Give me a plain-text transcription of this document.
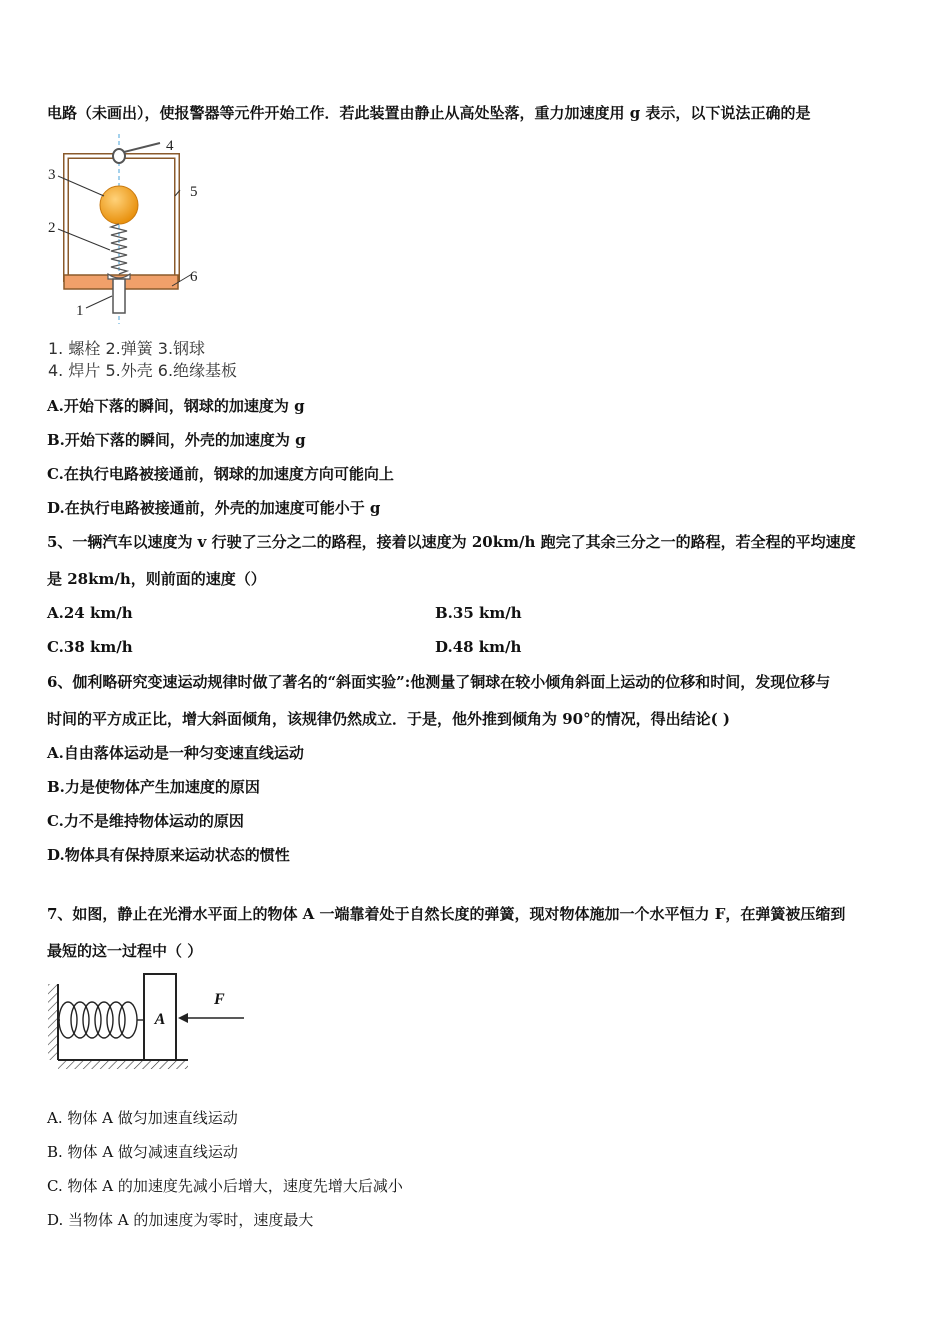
电路（未画出），使报警器等元件开始工作．若此装置由静止从高处坠落，重力加速度用 g 表示，以下说法正确的是
4
3
5
2
6
1
1. 螺栓 2.弹簧 3.钢球
4. 焊片 5.外壳 6.绝缘基板
A.开始下落的瞬间，钢球的加速度为 g
B.开始下落的瞬间，外壳的加速度为 g
C.在执行电路被接通前，钢球的加速度方向可能向上
D.在执行电路被接通前，外壳的加速度可能小于 g
5、一辆汽车以速度为 v 行驶了三分之二的路程，接着以速度为 20km/h 跑完了其余三分之一的路程，若全程的平均速度
是 28km/h，则前面的速度（）
A.24 km/h	B.35 km/h
C.38 km/h	D.48 km/h
6、伽利略研究变速运动规律时做了著名的“斜面实验”:他测量了铜球在较小倾角斜面上运动的位移和时间，发现位移与
时间的平方成正比，增大斜面倾角，该规律仍然成立．于是，他外推到倾角为 90°的情况，得出结论( )
A.自由落体运动是一种匀变速直线运动
B.力是使物体产生加速度的原因
C.力不是维持物体运动的原因
D.物体具有保持原来运动状态的惯性
7、如图，静止在光滑水平面上的物体 A 一端靠着处于自然长度的弹簧，现对物体施加一个水平恒力 F，在弹簧被压缩到
最短的这一过程中（ ）
A
F
A. 物体 A 做匀加速直线运动
B. 物体 A 做匀减速直线运动
C. 物体 A 的加速度先减小后增大，速度先增大后减小
D. 当物体 A 的加速度为零时，速度最大
